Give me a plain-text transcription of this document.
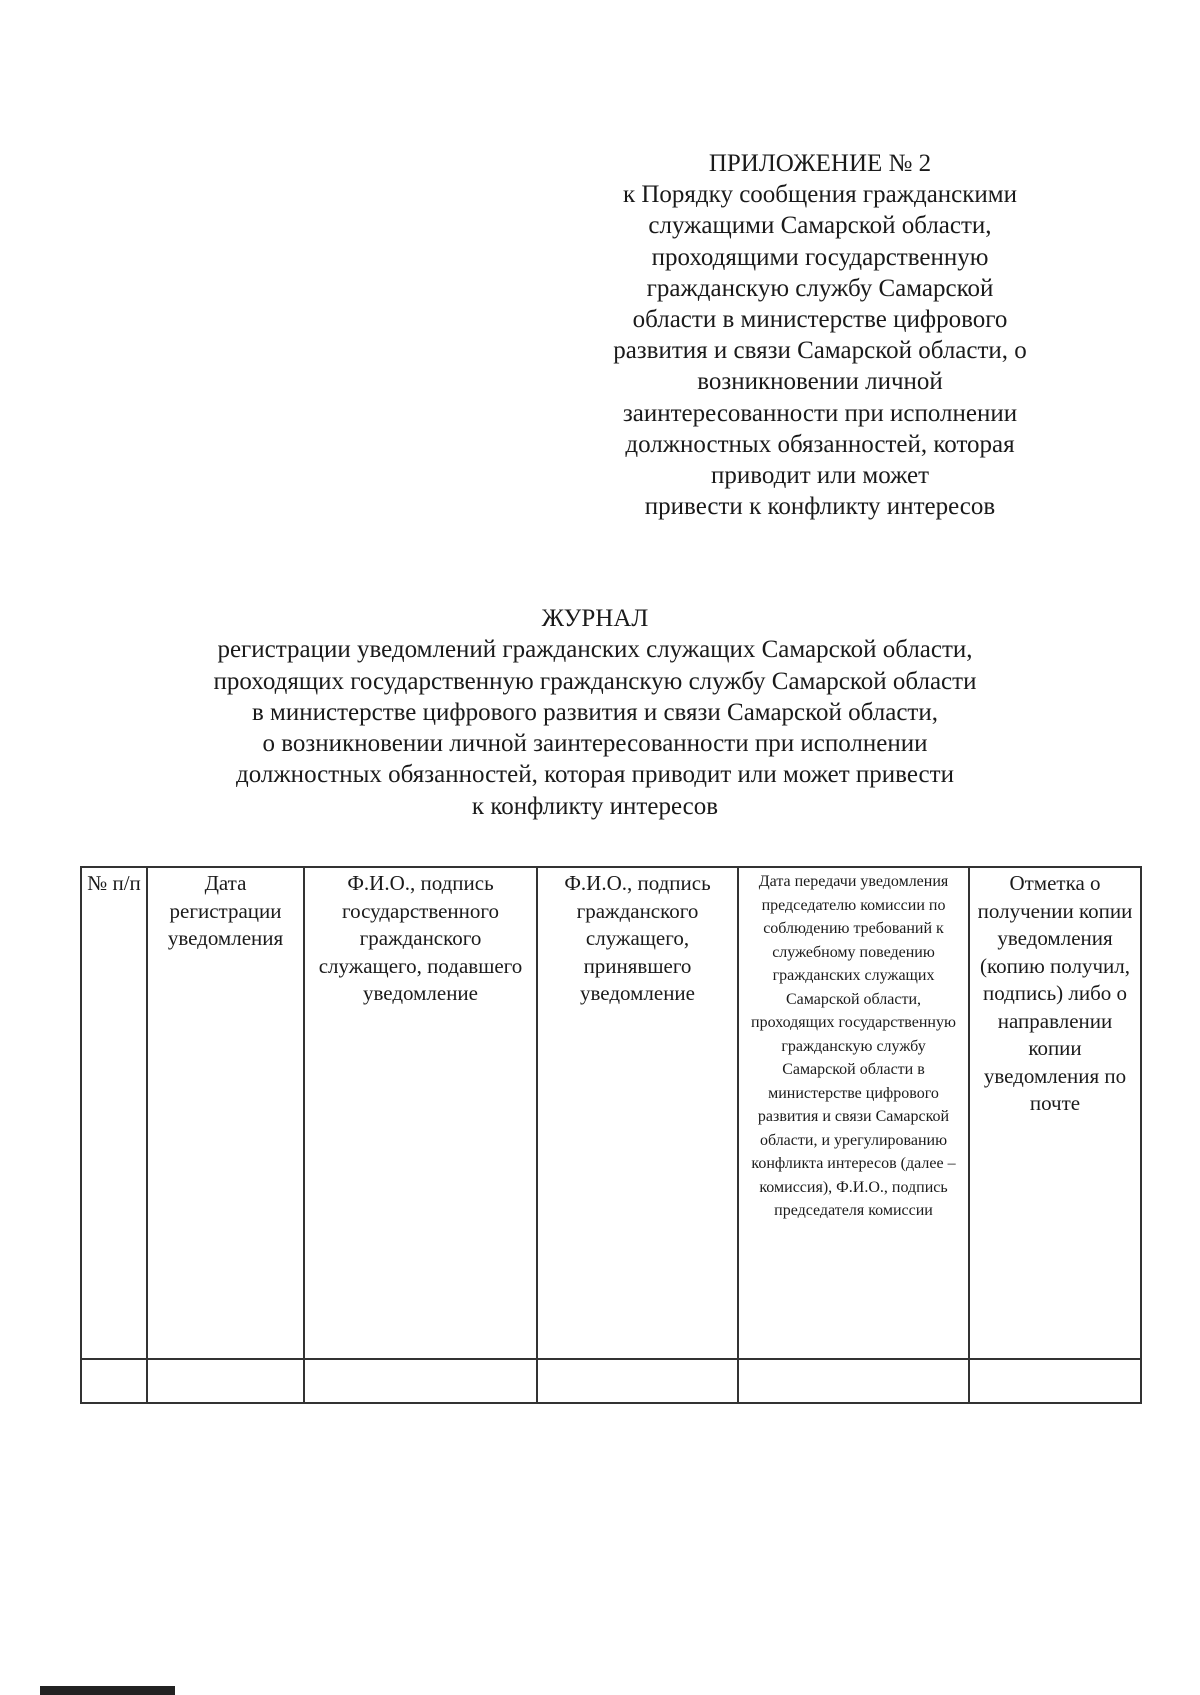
ПРИЛОЖЕНИЕ № 2
к Порядку сообщения гражданскими
служащими Самарской области,
проходящими государственную
гражданскую службу Самарской
области в министерстве цифрового
развития и связи Самарской области, о
возникновении личной
заинтересованности при исполнении
должностных обязанностей, которая
приводит или может
привести к конфликту интересов
ЖУРНАЛ
регистрации уведомлений гражданских служащих Самарской области,
проходящих государственную гражданскую службу Самарской области
в министерстве цифрового развития и связи Самарской области,
о возникновении личной заинтересованности при исполнении
должностных обязанностей, которая приводит или может привести
к конфликту интересов
№ п/п	Дата регистрации уведомления	Ф.И.О., подпись государственного гражданского служащего, подавшего уведомление	Ф.И.О., подпись гражданского служащего, принявшего уведомление	Дата передачи уведомления председателю комиссии по соблюдению требований к служебному поведению гражданских служащих Самарской области, проходящих государственную гражданскую службу Самарской области в министерстве цифрового развития и связи Самарской области, и урегулированию конфликта интересов (далее – комиссия), Ф.И.О., подпись председателя комиссии	Отметка о получении копии уведомления (копию получил, подпись) либо о направлении копии уведомления по почте
